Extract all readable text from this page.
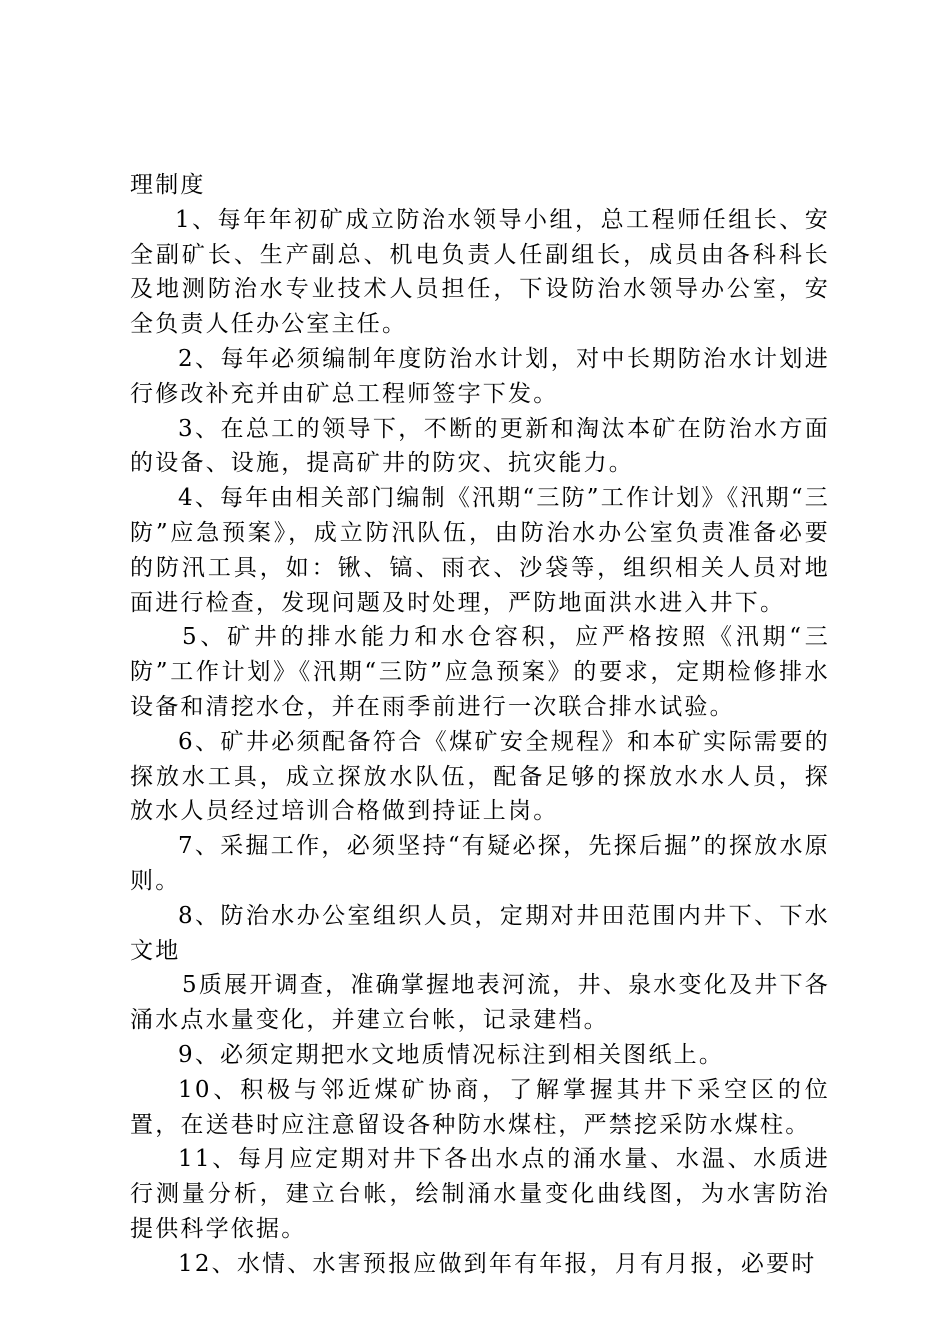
理制度

1、每年年初矿成立防治水领导小组，总工程师任组长、安全副矿长、生产副总、机电负责人任副组长，成员由各科科长及地测防治水专业技术人员担任，下设防治水领导办公室，安全负责人任办公室主任。

2、每年必须编制年度防治水计划，对中长期防治水计划进行修改补充并由矿总工程师签字下发。

3、在总工的领导下，不断的更新和淘汰本矿在防治水方面的设备、设施，提高矿井的防灾、抗灾能力。

4、每年由相关部门编制《汛期“三防”工作计划》《汛期“三防”应急预案》，成立防汛队伍，由防治水办公室负责准备必要的防汛工具，如：锹、镐、雨衣、沙袋等，组织相关人员对地面进行检查，发现问题及时处理，严防地面洪水进入井下。

5、矿井的排水能力和水仓容积，应严格按照《汛期“三防”工作计划》《汛期“三防”应急预案》的要求，定期检修排水设备和清挖水仓，并在雨季前进行一次联合排水试验。

6、矿井必须配备符合《煤矿安全规程》和本矿实际需要的探放水工具，成立探放水队伍，配备足够的探放水水人员，探放水人员经过培训合格做到持证上岗。

7、采掘工作，必须坚持“有疑必探，先探后掘”的探放水原则。

8、防治水办公室组织人员，定期对井田范围内井下、下水文地

5质展开调查，准确掌握地表河流，井、泉水变化及井下各涌水点水量变化，并建立台帐，记录建档。

9、必须定期把水文地质情况标注到相关图纸上。

10、积极与邻近煤矿协商，了解掌握其井下采空区的位置，在送巷时应注意留设各种防水煤柱，严禁挖采防水煤柱。

11、每月应定期对井下各出水点的涌水量、水温、水质进行测量分析，建立台帐，绘制涌水量变化曲线图，为水害防治提供科学依据。

12、水情、水害预报应做到年有年报，月有月报，必要时
